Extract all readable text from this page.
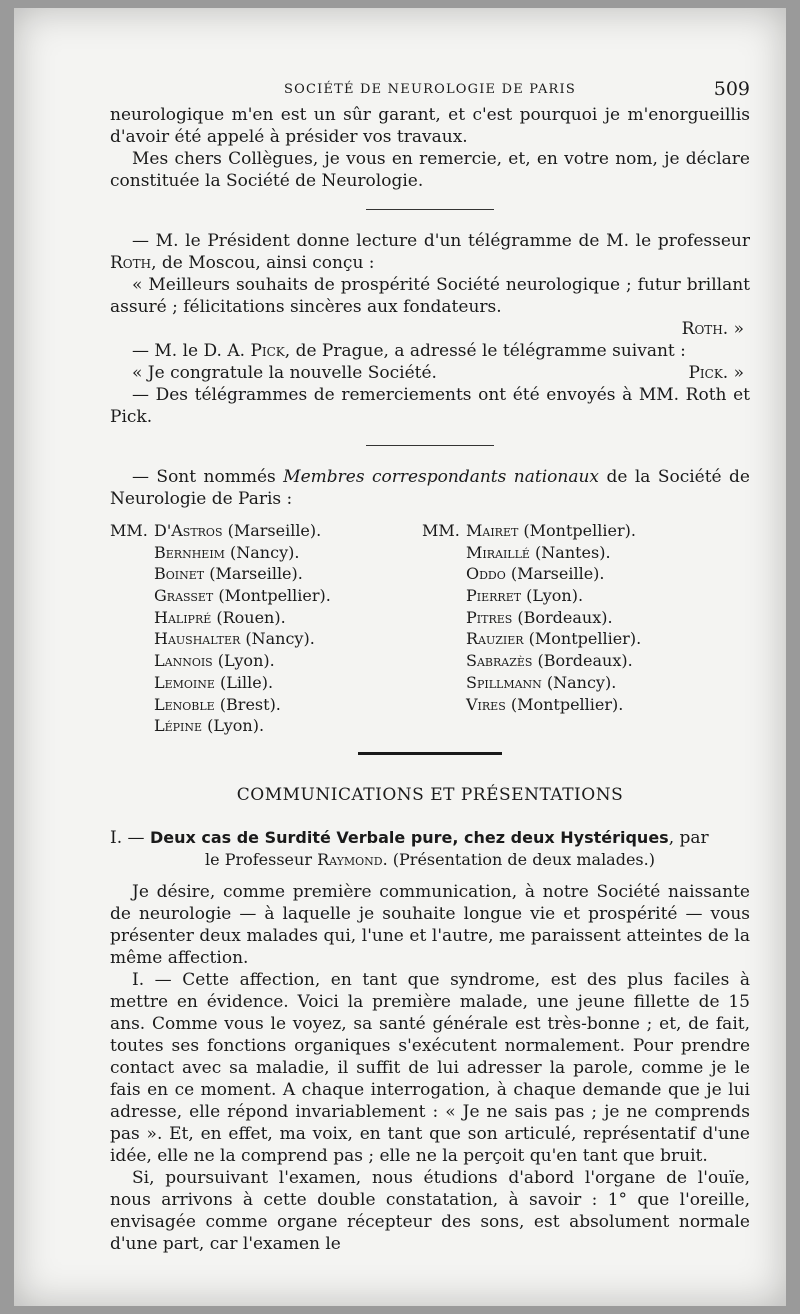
SOCIÉTÉ DE NEUROLOGIE DE PARIS	509

neurologique m'en est un sûr garant, et c'est pourquoi je m'enorgueillis d'avoir été appelé à présider vos travaux.

Mes chers Collègues, je vous en remercie, et, en votre nom, je déclare constituée la Société de Neurologie.

— M. le Président donne lecture d'un télégramme de M. le professeur Roth, de Moscou, ainsi conçu :

« Meilleurs souhaits de prospérité Société neurologique ; futur brillant assuré ; félicitations sincères aux fondateurs.

Roth. »

— M. le D. A. Pick, de Prague, a adressé le télégramme suivant :

« Je congratule la nouvelle Société.	Pick. »

— Des télégrammes de remerciements ont été envoyés à MM. Roth et Pick.

— Sont nommés Membres correspondants nationaux de la Société de Neurologie de Paris :

MM. D'Astros (Marseille).
Bernheim (Nancy).
Boinet (Marseille).
Grasset (Montpellier).
Halipré (Rouen).
Haushalter (Nancy).
Lannois (Lyon).
Lemoine (Lille).
Lenoble (Brest).
Lépine (Lyon).
MM. Mairet (Montpellier).
Miraillé (Nantes).
Oddo (Marseille).
Pierret (Lyon).
Pitres (Bordeaux).
Rauzier (Montpellier).
Sabrazès (Bordeaux).
Spillmann (Nancy).
Vires (Montpellier).
COMMUNICATIONS ET PRÉSENTATIONS

I. — Deux cas de Surdité Verbale pure, chez deux Hystériques, par

le Professeur Raymond. (Présentation de deux malades.)

Je désire, comme première communication, à notre Société naissante de neurologie — à laquelle je souhaite longue vie et prospérité — vous présenter deux malades qui, l'une et l'autre, me paraissent atteintes de la même affection.

I. — Cette affection, en tant que syndrome, est des plus faciles à mettre en évidence. Voici la première malade, une jeune fillette de 15 ans. Comme vous le voyez, sa santé générale est très-bonne ; et, de fait, toutes ses fonctions organiques s'exécutent normalement. Pour prendre contact avec sa maladie, il suffit de lui adresser la parole, comme je le fais en ce moment. A chaque interrogation, à chaque demande que je lui adresse, elle répond invariablement : « Je ne sais pas ; je ne comprends pas ». Et, en effet, ma voix, en tant que son articulé, représentatif d'une idée, elle ne la comprend pas ; elle ne la perçoit qu'en tant que bruit.

Si, poursuivant l'examen, nous étudions d'abord l'organe de l'ouïe, nous arrivons à cette double constatation, à savoir : 1° que l'oreille, envisagée comme organe récepteur des sons, est absolument normale d'une part, car l'examen le
